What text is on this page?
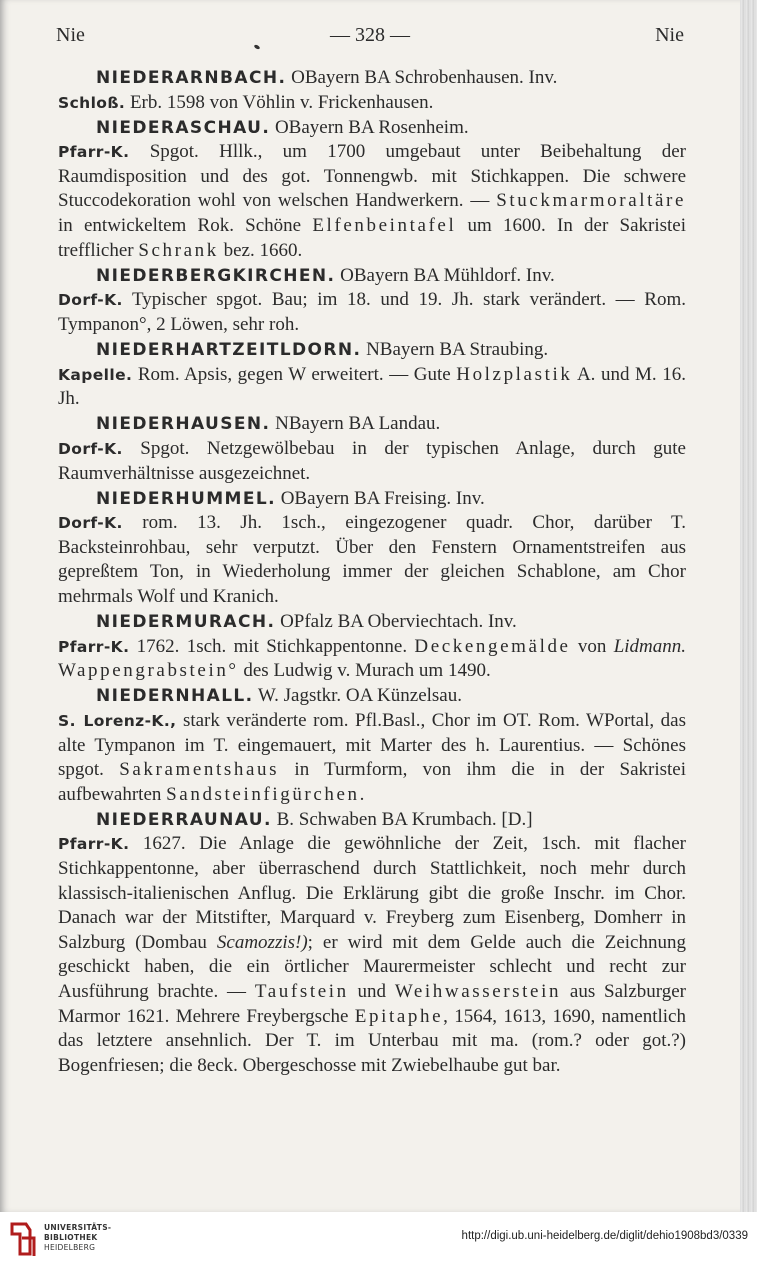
Nie	— 328 —	Nie

NIEDERARNBACH. OBayern BA Schrobenhausen. Inv.
Schloß. Erb. 1598 von Vöhlin v. Frickenhausen.

NIEDERASCHAU. OBayern BA Rosenheim.
Pfarr-K. Spgot. Hllk., um 1700 umgebaut unter Beibehaltung der Raumdisposition und des got. Tonnengwb. mit Stichkappen. Die schwere Stuccodekoration wohl von welschen Handwerkern. — Stuckmarmoraltäre in entwickeltem Rok. Schöne Elfenbeintafel um 1600. In der Sakristei trefflicher Schrank bez. 1660.

NIEDERBERGKIRCHEN. OBayern BA Mühldorf. Inv.
Dorf-K. Typischer spgot. Bau; im 18. und 19. Jh. stark verändert. — Rom. Tympanon°, 2 Löwen, sehr roh.

NIEDERHARTZEITLDORN. NBayern BA Straubing.
Kapelle. Rom. Apsis, gegen W erweitert. — Gute Holzplastik A. und M. 16. Jh.

NIEDERHAUSEN. NBayern BA Landau.
Dorf-K. Spgot. Netzgewölbebau in der typischen Anlage, durch gute Raumverhältnisse ausgezeichnet.

NIEDERHUMMEL. OBayern BA Freising. Inv.
Dorf-K. rom. 13. Jh. 1sch., eingezogener quadr. Chor, darüber T. Backsteinrohbau, sehr verputzt. Über den Fenstern Ornamentstreifen aus gepreßtem Ton, in Wiederholung immer der gleichen Schablone, am Chor mehrmals Wolf und Kranich.

NIEDERMURACH. OPfalz BA Oberviechtach. Inv.
Pfarr-K. 1762. 1sch. mit Stichkappentonne. Deckengemälde von Lidmann. Wappengrabstein° des Ludwig v. Murach um 1490.

NIEDERNHALL. W. Jagstkr. OA Künzelsau.
S. Lorenz-K., stark veränderte rom. Pfl.Basl., Chor im OT. Rom. WPortal, das alte Tympanon im T. eingemauert, mit Marter des h. Laurentius. — Schönes spgot. Sakramentshaus in Turmform, von ihm die in der Sakristei aufbewahrten Sandsteinfigürchen.

NIEDERRAUNAU. B. Schwaben BA Krumbach. [D.]
Pfarr-K. 1627. Die Anlage die gewöhnliche der Zeit, 1sch. mit flacher Stichkappentonne, aber überraschend durch Stattlichkeit, noch mehr durch klassisch-italienischen Anflug. Die Erklärung gibt die große Inschr. im Chor. Danach war der Mitstifter, Marquard v. Freyberg zum Eisenberg, Domherr in Salzburg (Dombau Scamozzis!); er wird mit dem Gelde auch die Zeichnung geschickt haben, die ein örtlicher Maurermeister schlecht und recht zur Ausführung brachte. — Taufstein und Weihwasserstein aus Salzburger Marmor 1621. Mehrere Freybergsche Epitaphe, 1564, 1613, 1690, namentlich das letztere ansehnlich. Der T. im Unterbau mit ma. (rom.? oder got.?) Bogenfriesen; die 8eck. Obergeschosse mit Zwiebelhaube gut bar.

UNIVERSITÄTS-
BIBLIOTHEK
HEIDELBERG
http://digi.ub.uni-heidelberg.de/diglit/dehio1908bd3/0339
